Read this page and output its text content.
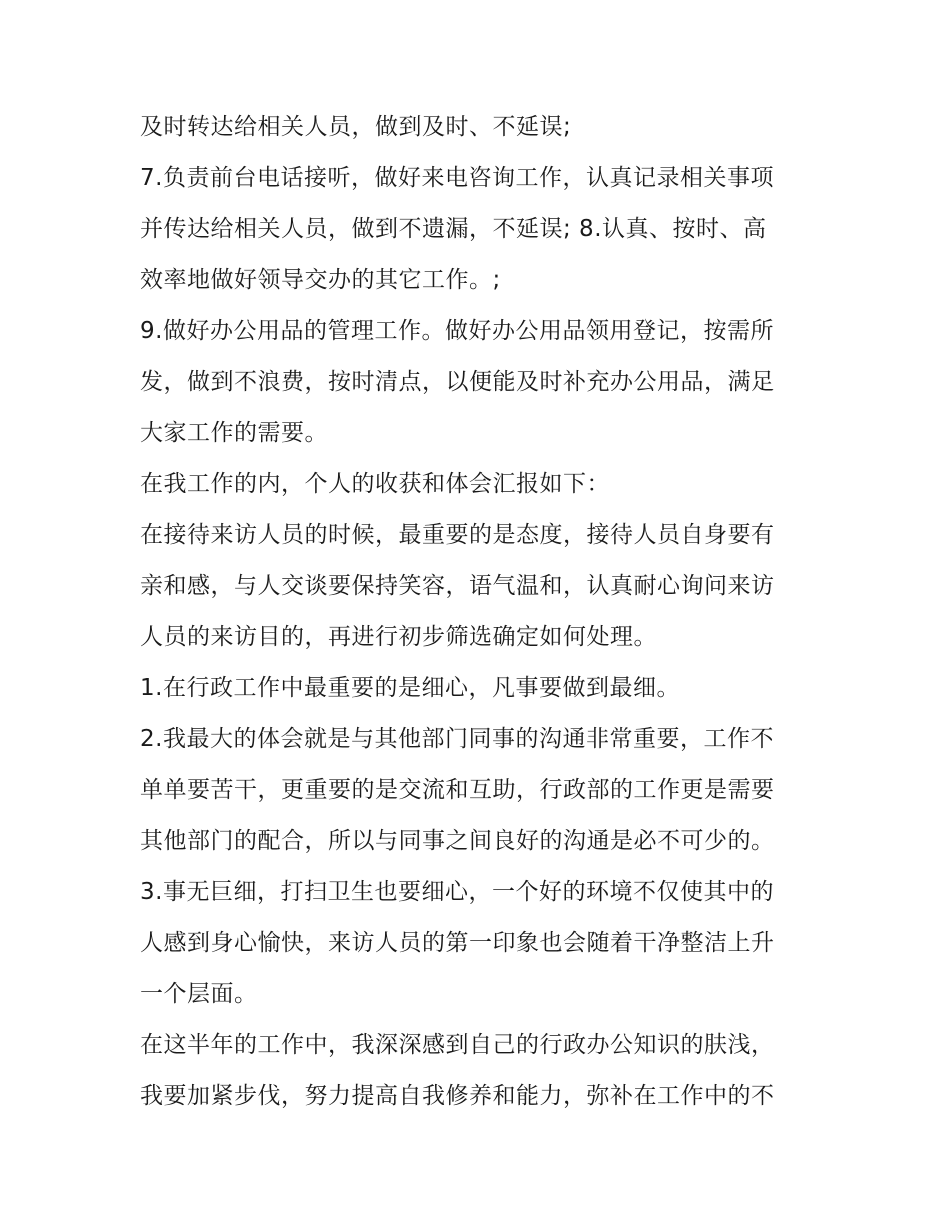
及时转达给相关人员，做到及时、不延误;
7.负责前台电话接听，做好来电咨询工作，认真记录相关事项
并传达给相关人员，做到不遗漏，不延误; 8.认真、按时、高
效率地做好领导交办的其它工作。;
9.做好办公用品的管理工作。做好办公用品领用登记，按需所
发，做到不浪费，按时清点，以便能及时补充办公用品，满足
大家工作的需要。
在我工作的内，个人的收获和体会汇报如下：
在接待来访人员的时候，最重要的是态度，接待人员自身要有
亲和感，与人交谈要保持笑容，语气温和，认真耐心询问来访
人员的来访目的，再进行初步筛选确定如何处理。
1.在行政工作中最重要的是细心，凡事要做到最细。
2.我最大的体会就是与其他部门同事的沟通非常重要，工作不
单单要苦干，更重要的是交流和互助，行政部的工作更是需要
其他部门的配合，所以与同事之间良好的沟通是必不可少的。
3.事无巨细，打扫卫生也要细心，一个好的环境不仅使其中的
人感到身心愉快，来访人员的第一印象也会随着干净整洁上升
一个层面。
在这半年的工作中，我深深感到自己的行政办公知识的肤浅，
我要加紧步伐，努力提高自我修养和能力，弥补在工作中的不
